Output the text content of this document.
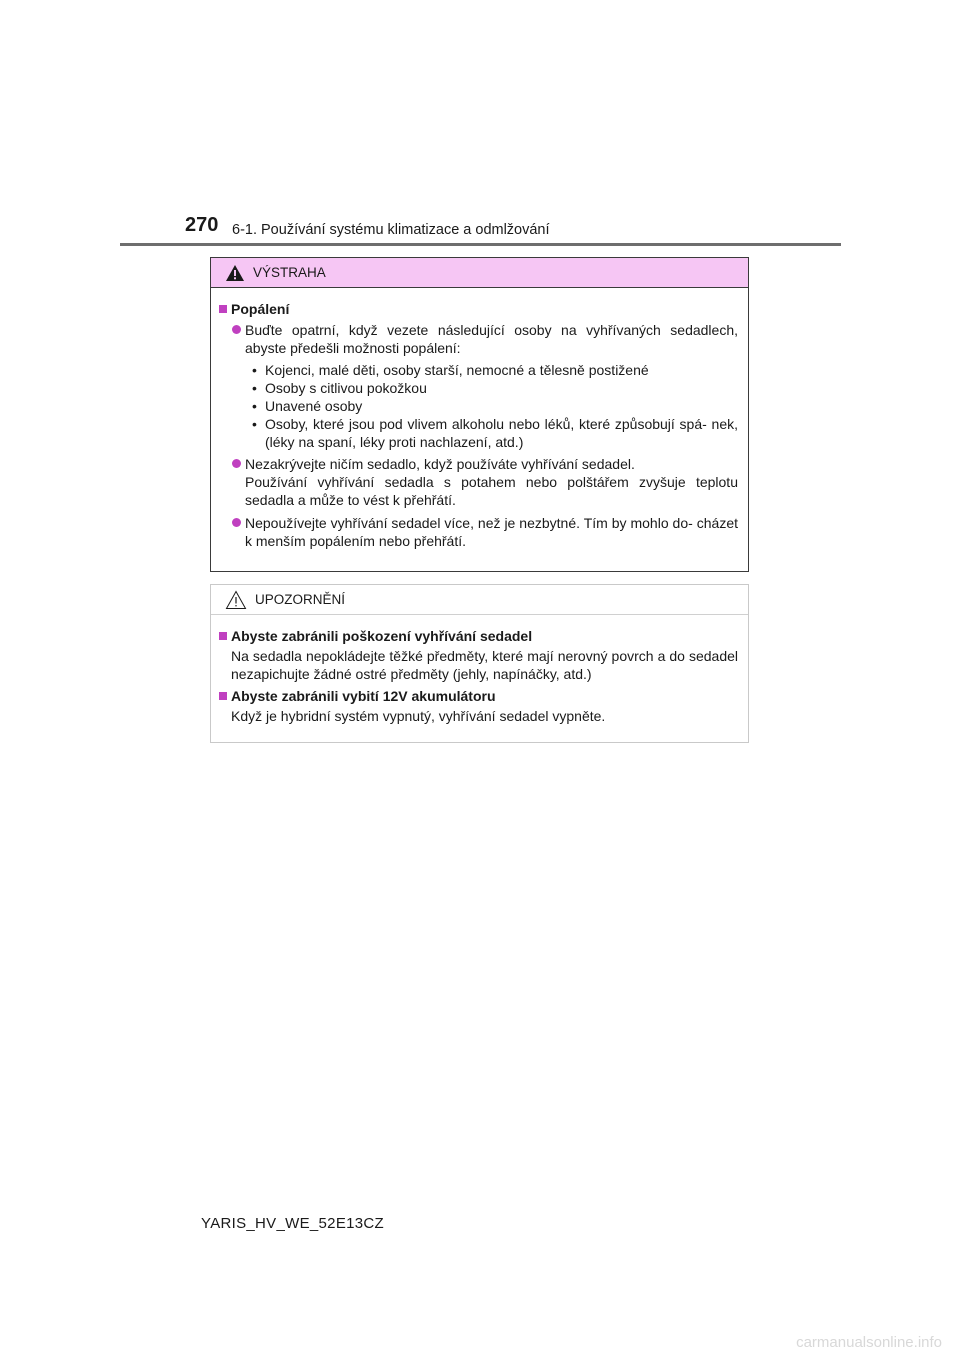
270 6-1. Používání systému klimatizace a odmlžování
VÝSTRAHA
Popálení
Buďte opatrní, když vezete následující osoby na vyhřívaných sedadlech, abyste předešli možnosti popálení:
• Kojenci, malé děti, osoby starší, nemocné a tělesně postižené
• Osoby s citlivou pokožkou
• Unavené osoby
• Osoby, které jsou pod vlivem alkoholu nebo léků, které způsobují spá- nek, (léky na spaní, léky proti nachlazení, atd.)
Nezakrývejte ničím sedadlo, když používáte vyhřívání sedadel.
Používání vyhřívání sedadla s potahem nebo polštářem zvyšuje teplotu sedadla a může to vést k přehřátí.
Nepoužívejte vyhřívání sedadel více, než je nezbytné. Tím by mohlo do- cházet k menším popálením nebo přehřátí.
UPOZORNĚNÍ
Abyste zabránili poškození vyhřívání sedadel
Na sedadla nepokládejte těžké předměty, které mají nerovný povrch a do sedadel nezapichujte žádné ostré předměty (jehly, napínáčky, atd.)
Abyste zabránili vybití 12V akumulátoru
Když je hybridní systém vypnutý, vyhřívání sedadel vypněte.
YARIS_HV_WE_52E13CZ
carmanualsonline.info
